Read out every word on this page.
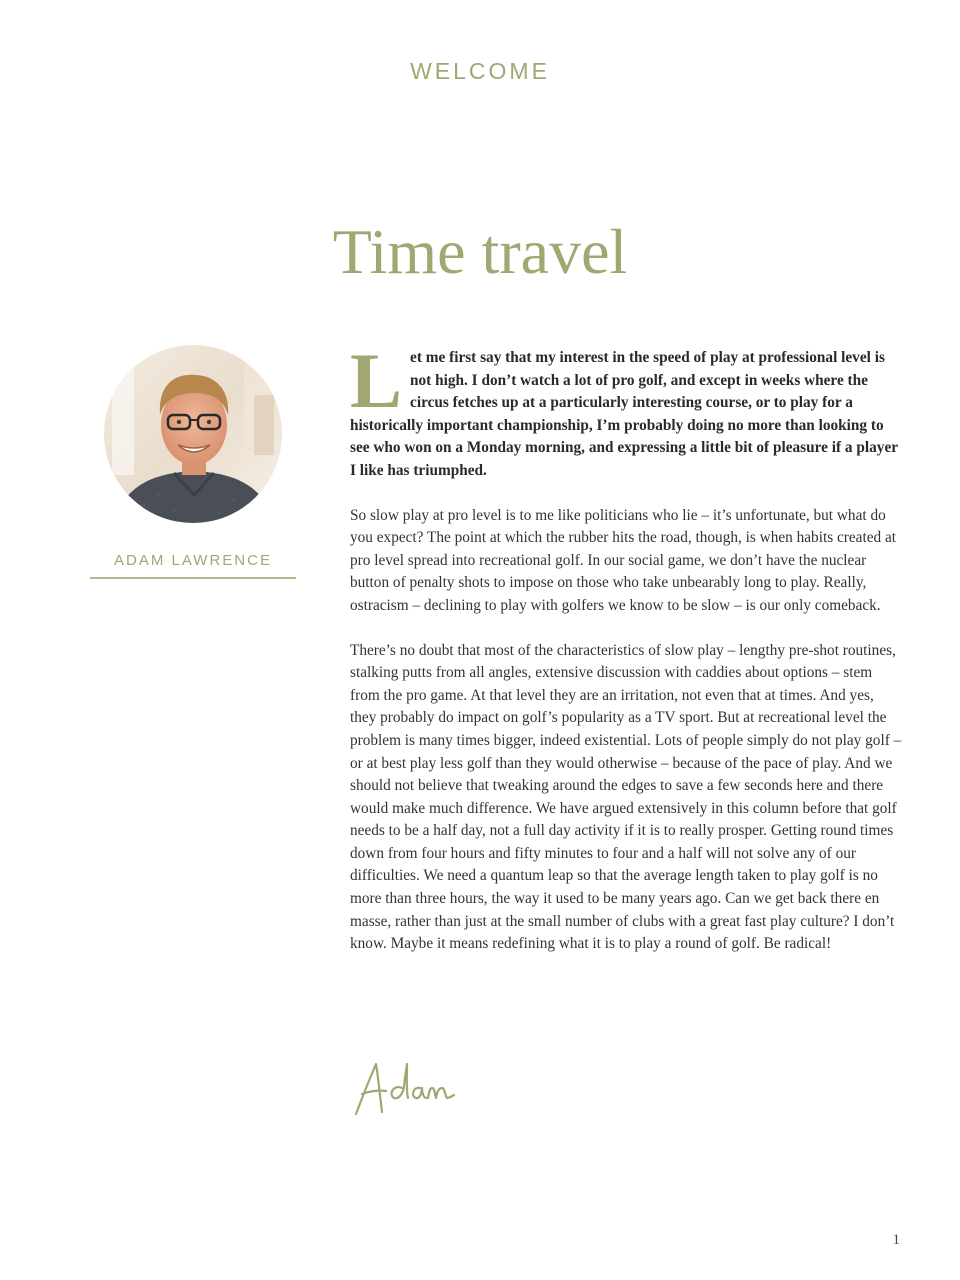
WELCOME
Time travel
ADAM LAWRENCE

Let me first say that my interest in the speed of play at professional level is not high. I don’t watch a lot of pro golf, and except in weeks where the circus fetches up at a particularly interesting course, or to play for a historically important championship, I’m probably doing no more than looking to see who won on a Monday morning, and expressing a little bit of pleasure if a player I like has triumphed.

So slow play at pro level is to me like politicians who lie – it’s unfortunate, but what do you expect? The point at which the rubber hits the road, though, is when habits created at pro level spread into recreational golf. In our social game, we don’t have the nuclear button of penalty shots to impose on those who take unbearably long to play. Really, ostracism – declining to play with golfers we know to be slow – is our only comeback.

There’s no doubt that most of the characteristics of slow play – lengthy pre-shot routines, stalking putts from all angles, extensive discussion with caddies about options – stem from the pro game. At that level they are an irritation, not even that at times. And yes, they probably do impact on golf’s popularity as a TV sport. But at recreational level the problem is many times bigger, indeed existential. Lots of people simply do not play golf – or at best play less golf than they would otherwise – because of the pace of play. And we should not believe that tweaking around the edges to save a few seconds here and there would make much difference. We have argued extensively in this column before that golf needs to be a half day, not a full day activity if it is to really prosper. Getting round times down from four hours and fifty minutes to four and a half will not solve any of our difficulties. We need a quantum leap so that the average length taken to play golf is no more than three hours, the way it used to be many years ago. Can we get back there en masse, rather than just at the small number of clubs with a great fast play culture? I don’t know. Maybe it means redefining what it is to play a round of golf. Be radical!

1
